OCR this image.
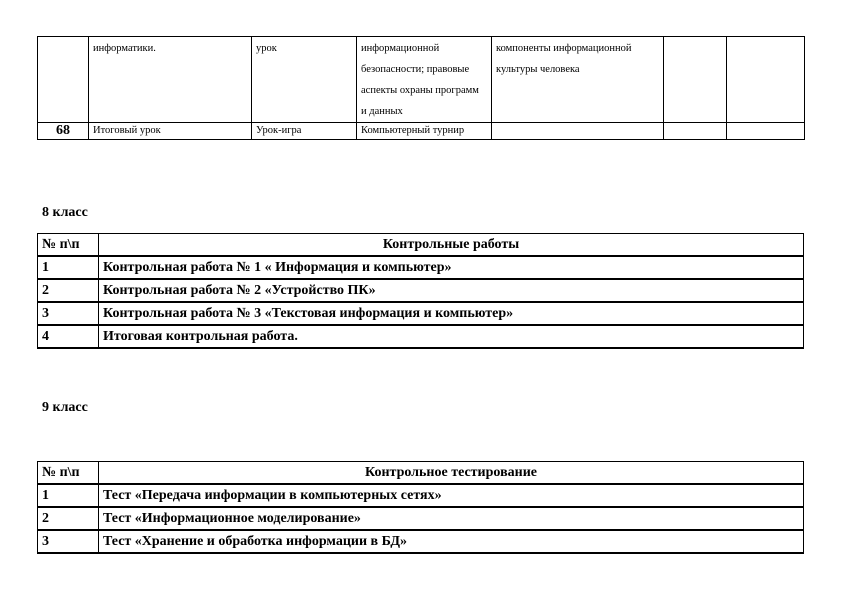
	информатики.	урок	информационной безопасности; правовые аспекты охраны программ и данных	компоненты информационной культуры человека		
68	Итоговый урок	Урок-игра	Компьютерный турнир			
8 класс
№ п\п	Контрольные работы
1	Контрольная работа № 1 « Информация и компьютер»
2	Контрольная работа № 2 «Устройство ПК»
3	Контрольная работа № 3 «Текстовая информация и компьютер»
4	Итоговая контрольная работа.
9 класс
№ п\п	Контрольное тестирование
1	Тест «Передача информации в компьютерных сетях»
2	Тест «Информационное моделирование»
3	Тест «Хранение и обработка информации в БД»
